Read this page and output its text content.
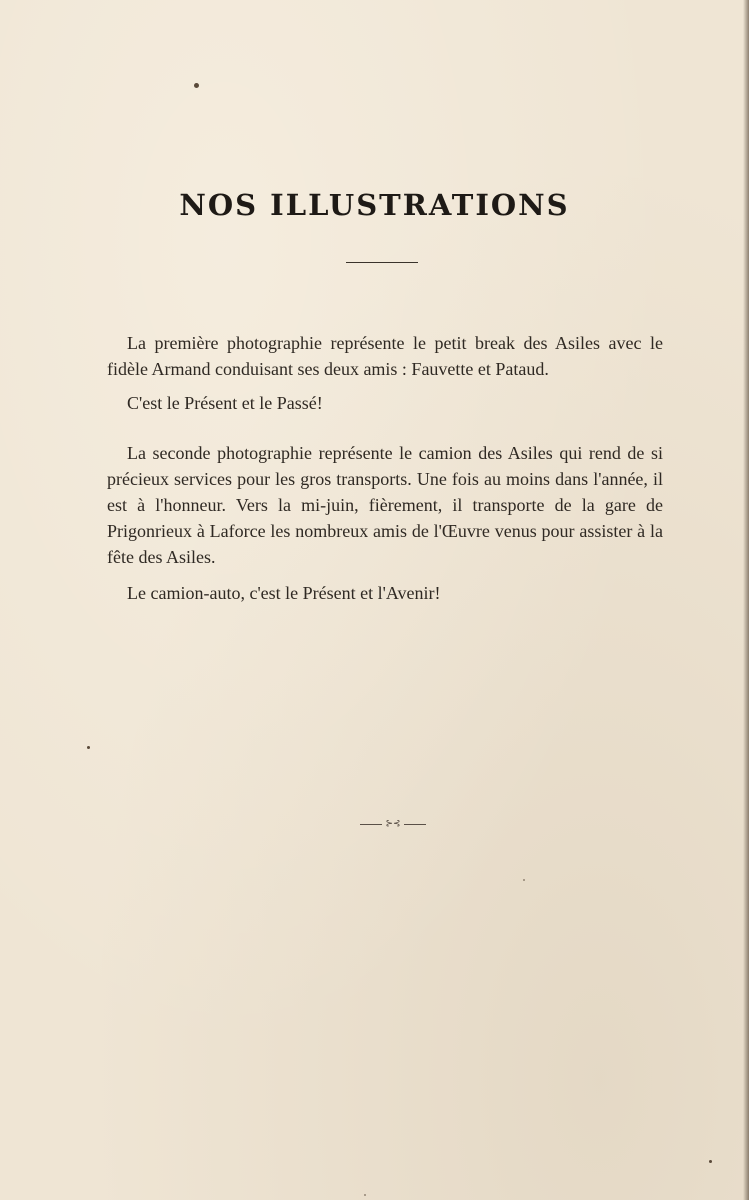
NOS ILLUSTRATIONS

La première photographie représente le petit break des Asiles avec le fidèle Armand conduisant ses deux amis : Fauvette et Pataud.

C'est le Présent et le Passé!

La seconde photographie représente le camion des Asiles qui rend de si précieux services pour les gros transports. Une fois au moins dans l'année, il est à l'honneur. Vers la mi-juin, fièrement, il transporte de la gare de Prigonrieux à Laforce les nombreux amis de l'Œuvre venus pour assister à la fête des Asiles.

Le camion-auto, c'est le Présent et l'Avenir!

⊱⊰
